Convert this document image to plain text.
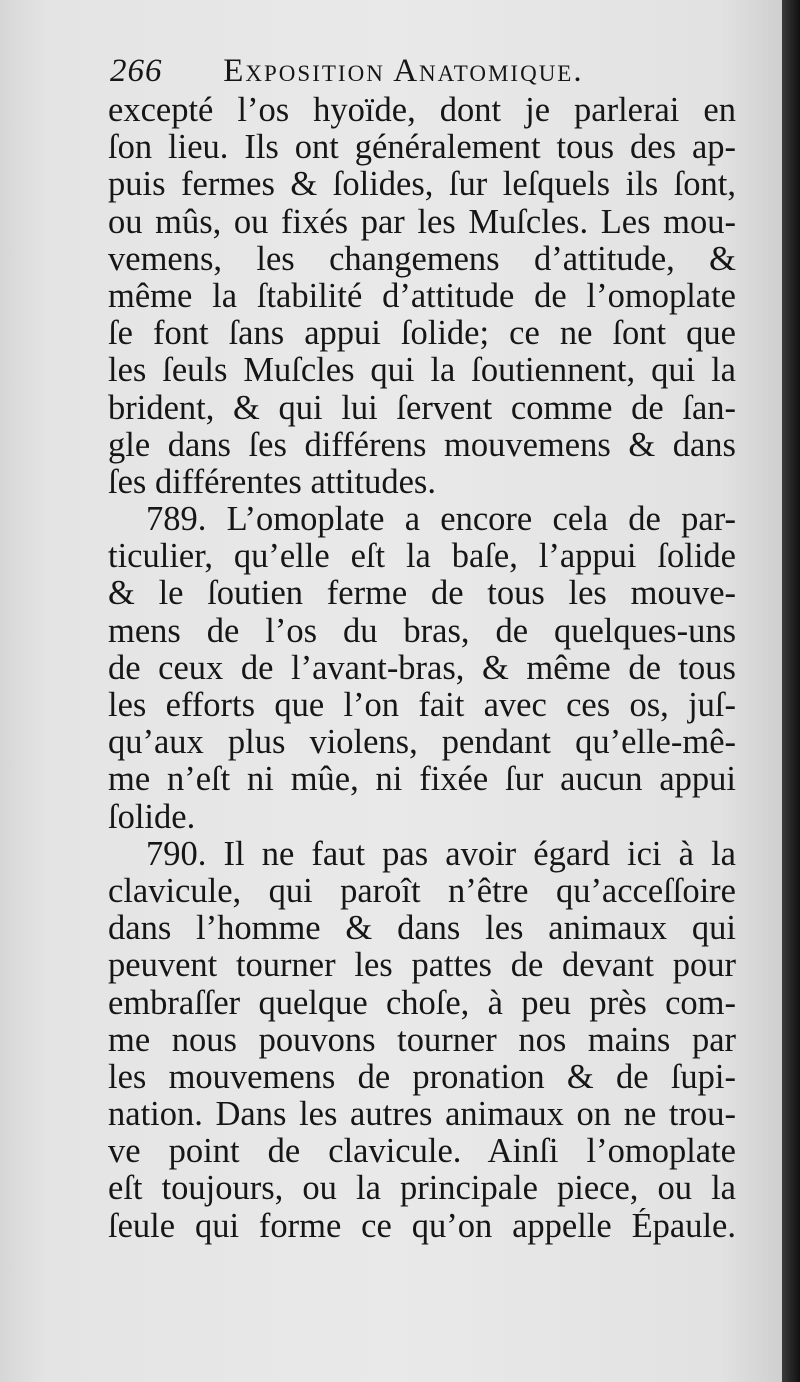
266 Exposition Anatomique.
excepté l’os hyoïde, dont je parlerai en
ſon lieu. Ils ont généralement tous des ap-
puis fermes & ſolides, ſur leſquels ils ſont,
ou mûs, ou fixés par les Muſcles. Les mou-
vemens, les changemens d’attitude, &
même la ſtabilité d’attitude de l’omoplate
ſe font ſans appui ſolide; ce ne ſont que
les ſeuls Muſcles qui la ſoutiennent, qui la
brident, & qui lui ſervent comme de ſan-
gle dans ſes différens mouvemens & dans
ſes différentes attitudes.
789. L’omoplate a encore cela de par-
ticulier, qu’elle eſt la baſe, l’appui ſolide
& le ſoutien ferme de tous les mouve-
mens de l’os du bras, de quelques-uns
de ceux de l’avant-bras, & même de tous
les efforts que l’on fait avec ces os, juſ-
qu’aux plus violens, pendant qu’elle-mê-
me n’eſt ni mûe, ni fixée ſur aucun appui
ſolide.
790. Il ne faut pas avoir égard ici à la
clavicule, qui paroît n’être qu’acceſſoire
dans l’homme & dans les animaux qui
peuvent tourner les pattes de devant pour
embraſſer quelque choſe, à peu près com-
me nous pouvons tourner nos mains par
les mouvemens de pronation & de ſupi-
nation. Dans les autres animaux on ne trou-
ve point de clavicule. Ainſi l’omoplate
eſt toujours, ou la principale piece, ou la
ſeule qui forme ce qu’on appelle Épaule.
